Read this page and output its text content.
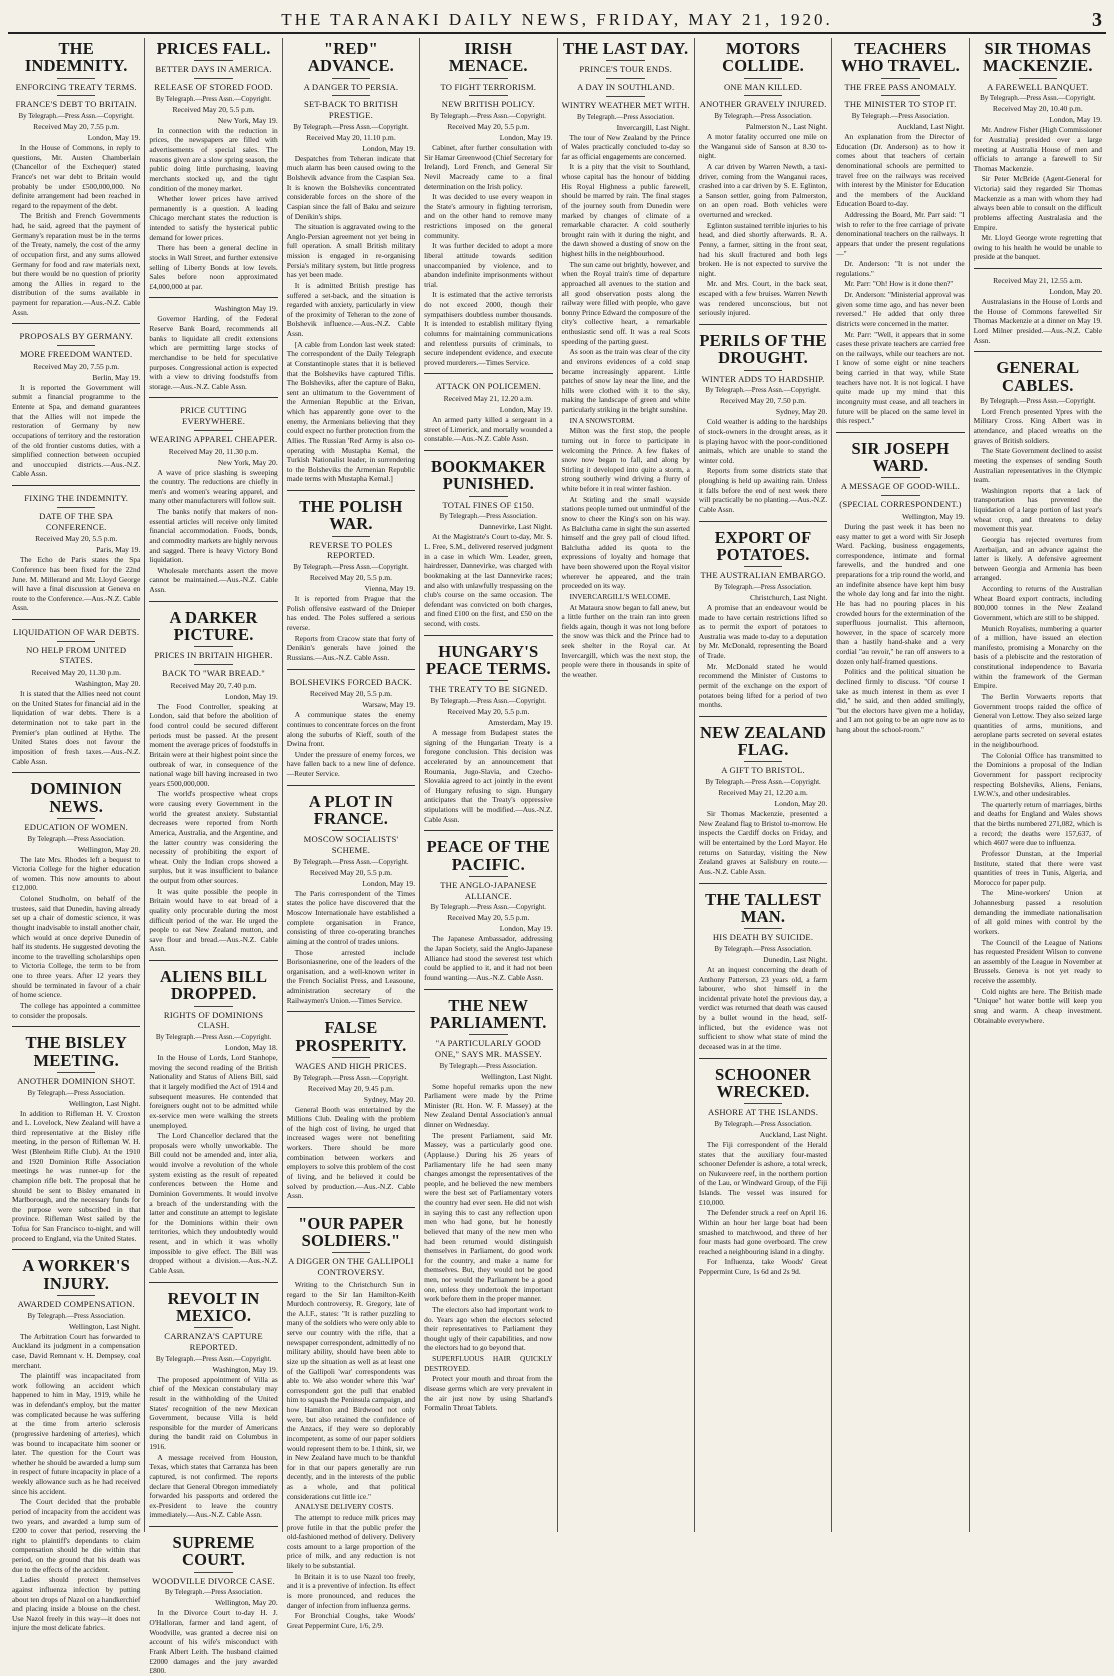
THE TARANAKI DAILY NEWS, FRIDAY, MAY 21, 1920.	3
THE INDEMNITY.
ENFORCING TREATY TERMS.
FRANCE'S DEBT TO BRITAIN.
By Telegraph.—Press Assn.—Copyright.
Received May 20, 7.55 p.m.
London, May 19.

In the House of Commons, in reply to questions, Mr. Austen Chamberlain (Chancellor of the Exchequer) stated France's net war debt to Britain would probably be under £500,000,000. No definite arrangement had been reached in regard to the repayment of the debt.

The British and French Governments had, he said, agreed that the payment of Germany's reparation must be in the terms of the Treaty, namely, the cost of the army of occupation first, and any sums allowed Germany for food and raw materials next, but there would be no question of priority among the Allies in regard to the distribution of the sums available in payment for reparation.—Aus.-N.Z. Cable Assn.

PROPOSALS BY GERMANY.
MORE FREEDOM WANTED.
Received May 20, 7.55 p.m.
Berlin, May 19.

It is reported the Government will submit a financial programme to the Entente at Spa, and demand guarantees that the Allies will not impede the restoration of Germany by new occupations of territory and the restoration of the old frontier customs duties, with a simplified connection between occupied and unoccupied districts.—Aus.-N.Z. Cable Assn.

FIXING THE INDEMNITY.
DATE OF THE SPA CONFERENCE.
Received May 20, 5.5 p.m.
Paris, May 19.

The Echo de Paris states the Spa Conference has been fixed for the 22nd June. M. Millerand and Mr. Lloyd George will have a final discussion at Geneva en route to the Conference.—Aus.-N.Z. Cable Assn.

LIQUIDATION OF WAR DEBTS.
NO HELP FROM UNITED STATES.
Received May 20, 11.30 p.m.
Washington, May 20.

It is stated that the Allies need not count on the United States for financial aid in the liquidation of war debts. There is a determination not to take part in the Premier's plan outlined at Hythe. The United States does not favour the imposition of fresh taxes.—Aus.-N.Z. Cable Assn.

DOMINION NEWS.
EDUCATION OF WOMEN.
By Telegraph.—Press Association.
Wellington, May 20.

The late Mrs. Rhodes left a bequest to Victoria College for the higher education of women. This now amounts to about £12,000.

Colonel Studholm, on behalf of the trustees, said that Dunedin, having already set up a chair of domestic science, it was thought inadvisable to install another chair, which would at once deprive Dunedin of half its students. He suggested devoting the income to the travelling scholarships open to Victoria College, the term to be from one to three years. After 12 years they should be terminated in favour of a chair of home science.

The college has appointed a committee to consider the proposals.

THE BISLEY MEETING.
ANOTHER DOMINION SHOT.
By Telegraph.—Press Association.
Wellington, Last Night.

In addition to Rifleman H. V. Croxton and L. Lovelock, New Zealand will have a third representative at the Bisley rifle meeting, in the person of Rifleman W. H. West (Blenheim Rifle Club). At the 1910 and 1920 Dominion Rifle Association meetings he was runner-up for the champion rifle belt. The proposal that he should be sent to Bisley emanated in Marlborough, and the necessary funds for the purpose were subscribed in that province. Rifleman West sailed by the Tofua for San Francisco to-night, and will proceed to England, via the United States.

A WORKER'S INJURY.
AWARDED COMPENSATION.
By Telegraph.—Press Association.
Wellington, Last Night.

The Arbitration Court has forwarded to Auckland its judgment in a compensation case, David Remnant v. H. Dempsey, coal merchant.

The plaintiff was incapacitated from work following an accident which happened to him in May, 1919, while he was in defendant's employ, but the matter was complicated because he was suffering at the time from arterio sclerosis (progressive hardening of arteries), which was bound to incapacitate him sooner or later. The question for the Court was whether he should be awarded a lump sum in respect of future incapacity in place of a weekly allowance such as he had received since his accident.

The Court decided that the probable period of incapacity from the accident was two years, and awarded a lump sum of £200 to cover that period, reserving the right to plaintiff's dependants to claim compensation should he die within that period, on the ground that his death was due to the effects of the accident.

Ladies should protect themselves against influenza infection by putting about ten drops of Nazol on a handkerchief and placing inside a blouse on the chest. Use Nazol freely in this way—it does not injure the most delicate fabrics.

PRICES FALL.
BETTER DAYS IN AMERICA.
RELEASE OF STORED FOOD.
By Telegraph.—Press Assn.—Copyright.
Received May 20, 5.5 p.m.
New York, May 19.

In connection with the reduction in prices, the newspapers are filled with advertisements of special sales. The reasons given are a slow spring season, the public doing little purchasing, leaving merchants stocked up, and the tight condition of the money market.

Whether lower prices have arrived permanently is a question. A leading Chicago merchant states the reduction is intended to satisfy the hysterical public demand for lower prices.

There has been a general decline in stocks in Wall Street, and further extensive selling of Liberty Bonds at low levels. Sales before noon approximated £4,000,000 at par.

Washington May 19.

Governor Harding, of the Federal Reserve Bank Board, recommends all banks to liquidate all credit extensions which are permitting large stocks of merchandise to be held for speculative purposes. Congressional action is expected with a view to driving foodstuffs from storage.—Aus.-N.Z. Cable Assn.

PRICE CUTTING EVERYWHERE.
WEARING APPAREL CHEAPER.
Received May 20, 11.30 p.m.
New York, May 20.

A wave of price slashing is sweeping the country. The reductions are chiefly in men's and women's wearing apparel, and many other manufacturers will follow suit.

The banks notify that makers of non-essential articles will receive only limited financial accommodation. Foods, bonds, and commodity markets are highly nervous and sagged. There is heavy Victory Bond liquidation.

Wholesale merchants assert the move cannot be maintained.—Aus.-N.Z. Cable Assn.

A DARKER PICTURE.
PRICES IN BRITAIN HIGHER.
BACK TO "WAR BREAD."
Received May 20, 7.40 p.m.
London, May 19.

The Food Controller, speaking at London, said that before the abolition of food control could be secured different periods must be passed. At the present moment the average prices of foodstuffs in Britain were at their highest point since the outbreak of war, in consequence of the national wage bill having increased in two years £500,000,000.

The world's prospective wheat crops were causing every Government in the world the greatest anxiety. Substantial decreases were reported from North America, Australia, and the Argentine, and the latter country was considering the necessity of prohibiting the export of wheat. Only the Indian crops showed a surplus, but it was insufficient to balance the output from other sources.

It was quite possible the people in Britain would have to eat bread of a quality only procurable during the most difficult period of the war. He urged the people to eat New Zealand mutton, and save flour and bread.—Aus.-N.Z. Cable Assn.

ALIENS BILL DROPPED.
RIGHTS OF DOMINIONS CLASH.
By Telegraph.—Press Assn.—Copyright.
London, May 18.

In the House of Lords, Lord Stanhope, moving the second reading of the British Nationality and Status of Aliens Bill, said that it largely modified the Act of 1914 and subsequent measures. He contended that foreigners ought not to be admitted while ex-service men were walking the streets unemployed.

The Lord Chancellor declared that the proposals were wholly unworkable. The Bill could not be amended and, inter alia, would involve a revolution of the whole system existing as the result of repeated conferences between the Home and Dominion Governments. It would involve a breach of the understanding with the latter and constitute an attempt to legislate for the Dominions within their own territories, which they undoubtedly would resent, and in which it was wholly impossible to give effect. The Bill was dropped without a division.—Aus.-N.Z. Cable Assn.

REVOLT IN MEXICO.
CARRANZA'S CAPTURE REPORTED.
By Telegraph.—Press Assn.—Copyright.
Washington, May 19.

The proposed appointment of Villa as chief of the Mexican constabulary may result in the withholding of the United States' recognition of the new Mexican Government, because Villa is held responsible for the murder of Americans during the bandit raid on Columbus in 1916.

A message received from Houston, Texas, which states that Carranza has been captured, is not confirmed. The reports declare that General Obregon immediately forwarded his passports and ordered the ex-President to leave the country immediately.—Aus.-N.Z. Cable Assn.

SUPREME COURT.
WOODVILLE DIVORCE CASE.
By Telegraph.—Press Association.
Wellington, May 20.

In the Divorce Court to-day H. J. O'Halloran, farmer and land agent, of Woodville, was granted a decree nisi on account of his wife's misconduct with Frank Albert Leith. The husband claimed £2000 damages and the jury awarded £800.

"RED" ADVANCE.
A DANGER TO PERSIA.
SET-BACK TO BRITISH PRESTIGE.
By Telegraph.—Press Assn.—Copyright.
Received May 20, 11.10 p.m.
London, May 19.

Despatches from Teheran indicate that much alarm has been caused owing to the Bolshevik advance from the Caspian Sea. It is known the Bolsheviks concentrated considerable forces on the shore of the Caspian since the fall of Baku and seizure of Denikin's ships.

The situation is aggravated owing to the Anglo-Persian agreement not yet being in full operation. A small British military mission is engaged in re-organising Persia's military system, but little progress has yet been made.

It is admitted British prestige has suffered a set-back, and the situation is regarded with anxiety, particularly in view of the proximity of Teheran to the zone of Bolshevik influence.—Aus.-N.Z. Cable Assn.

[A cable from London last week stated: The correspondent of the Daily Telegraph at Constantinople states that it is believed that the Bolsheviks have captured Tiflis. The Bolsheviks, after the capture of Baku, sent an ultimatum to the Government of the Armenian Republic at the Erivan, which has apparently gone over to the enemy, the Armenians believing that they could expect no further protection from the Allies. The Russian 'Red' Army is also co-operating with Mustapha Kemal, the Turkish Nationalist leader, in surrendering to the Bolsheviks the Armenian Republic made terms with Mustapha Kemal.]

THE POLISH WAR.
REVERSE TO POLES REPORTED.
By Telegraph.—Press Assn.—Copyright.
Received May 20, 5.5 p.m.
Vienna, May 19.

It is reported from Prague that the Polish offensive eastward of the Dnieper has ended. The Poles suffered a serious reverse.

Reports from Cracow state that forty of Denikin's generals have joined the Russians.—Aus.-N.Z. Cable Assn.

BOLSHEVIKS FORCED BACK.
Received May 20, 5.5 p.m.
Warsaw, May 19.

A communique states the enemy continues to concentrate forces on the front along the suburbs of Kieff, south of the Dwina front.

Under the pressure of enemy forces, we have fallen back to a new line of defence.—Reuter Service.

A PLOT IN FRANCE.
MOSCOW SOCIALISTS' SCHEME.
By Telegraph.—Press Assn.—Copyright.
Received May 20, 5.5 p.m.
London, May 19.

The Paris correspondent of the Times states the police have discovered that the Moscow Internationale have established a complete organisation in France, consisting of three co-operating branches aiming at the control of trades unions.

Those arrested include Borisoniasnerine, one of the leaders of the organisation, and a well-known writer in the French Socialist Press, and Leasoune, administration secretary of the Railwaymen's Union.—Times Service.

FALSE PROSPERITY.
WAGES AND HIGH PRICES.
By Telegraph.—Press Assn.—Copyright.
Received May 20, 9.45 p.m.
Sydney, May 20.

General Booth was entertained by the Millions Club. Dealing with the problem of the high cost of living, he urged that increased wages were not benefiting workers. There should be more combination between workers and employers to solve this problem of the cost of living, and he believed it could be solved by production.—Aus.-N.Z. Cable Assn.

"OUR PAPER SOLDIERS."
A DIGGER ON THE GALLIPOLI CONTROVERSY.

Writing to the Christchurch Sun in regard to the Sir Ian Hamilton-Keith Murdoch controversy, R. Gregory, late of the A.I.F., states: "It is rather puzzling to many of the soldiers who were only able to serve our country with the rifle, that a newspaper correspondent, admittedly of no military ability, should have been able to size up the situation as well as at least one of the Gallipoli 'war' correspondents was able to. We also wonder where this 'war' correspondent got the pull that enabled him to squash the Peninsula campaign, and how Hamilton and Birdwood not only were, but also retained the confidence of the Anzacs, if they were so deplorably incompetent, as some of our paper soldiers would represent them to be. I think, sir, we in New Zealand have much to be thankful for in that our papers generally are run decently, and in the interests of the public as a whole, and that political considerations cut little ice."

ANALYSE DELIVERY COSTS.

The attempt to reduce milk prices may prove futile in that the public prefer the old-fashioned method of delivery. Delivery costs amount to a large proportion of the price of milk, and any reduction is not likely to be substantial.

In Britain it is to use Nazol too freely, and it is a preventive of infection. Its effect is more pronounced, and reduces the danger of infection from influenza germs.

For Bronchial Coughs, take Woods' Great Peppermint Cure, 1/6, 2/9.

IRISH MENACE.
TO FIGHT TERRORISM.
NEW BRITISH POLICY.
By Telegraph.—Press Assn.—Copyright.
Received May 20, 5.5 p.m.
London, May 19.

Cabinet, after further consultation with Sir Hamar Greenwood (Chief Secretary for Ireland), Lord French, and General Sir Nevil Macready came to a final determination on the Irish policy.

It was decided to use every weapon in the State's armoury in fighting terrorism, and on the other hand to remove many restrictions imposed on the general community.

It was further decided to adopt a more liberal attitude towards sedition unaccompanied by violence, and to abandon indefinite imprisonments without trial.

It is estimated that the active terrorists do not exceed 2000, though their sympathisers doubtless number thousands. It is intended to establish military flying columns for maintaining communications and relentless pursuits of criminals, to secure independent evidence, and execute proved murderers.—Times Service.

ATTACK ON POLICEMEN.
Received May 21, 12.20 a.m.
London, May 19.

An armed party killed a sergeant in a street of Limerick, and mortally wounded a constable.—Aus.-N.Z. Cable Assn.

BOOKMAKER PUNISHED.
TOTAL FINES OF £150.
By Telegraph.—Press Association.
Dannevirke, Last Night.

At the Magistrate's Court to-day, Mr. S. L. Free, S.M., delivered reserved judgment in a case in which Wm. Leader, green, hairdresser, Dannevirke, was charged with bookmaking at the last Dannevirke races; and also with unlawfully trespassing on the club's course on the same occasion. The defendant was convicted on both charges, and fined £100 on the first, and £50 on the second, with costs.

HUNGARY'S PEACE TERMS.
THE TREATY TO BE SIGNED.
By Telegraph.—Press Assn.—Copyright.
Received May 20, 5.5 p.m.
Amsterdam, May 19.

A message from Budapest states the signing of the Hungarian Treaty is a foregone conclusion. This decision was accelerated by an announcement that Roumania, Jugo-Slavia, and Czecho-Slovakia agreed to act jointly in the event of Hungary refusing to sign. Hungary anticipates that the Treaty's oppressive stipulations will be modified.—Aus.-N.Z. Cable Assn.

PEACE OF THE PACIFIC.
THE ANGLO-JAPANESE ALLIANCE.
By Telegraph.—Press Assn.—Copyright.
Received May 20, 5.5 p.m.
London, May 19.

The Japanese Ambassador, addressing the Japan Society, said the Anglo-Japanese Alliance had stood the severest test which could be applied to it, and it had not been found wanting.—Aus.-N.Z. Cable Assn.

THE NEW PARLIAMENT.
"A PARTICULARLY GOOD ONE," SAYS MR. MASSEY.
By Telegraph.—Press Association.
Wellington, Last Night.

Some hopeful remarks upon the new Parliament were made by the Prime Minister (Rt. Hon. W. F. Massey) at the New Zealand Dental Association's annual dinner on Wednesday.

The present Parliament, said Mr. Massey, was a particularly good one. (Applause.) During his 26 years of Parliamentary life he had seen many changes amongst the representatives of the people, and he believed the new members were the best set of Parliamentary voters the country had ever seen. He did not wish in saying this to cast any reflection upon men who had gone, but he honestly believed that many of the new men who had been returned would distinguish themselves in Parliament, do good work for the country, and make a name for themselves. But, they would not be good men, nor would the Parliament be a good one, unless they undertook the important work before them in the proper manner.

The electors also had important work to do. Years ago when the electors selected their representatives to Parliament they thought ugly of their capabilities, and now the electors had to go beyond that.

SUPERFLUOUS HAIR QUICKLY DESTROYED.

Protect your mouth and throat from the disease germs which are very prevalent in the air just now by using Sharland's Formalin Throat Tablets.

THE LAST DAY.
PRINCE'S TOUR ENDS.
A DAY IN SOUTHLAND.
WINTRY WEATHER MET WITH.
By Telegraph.—Press Association.
Invercargill, Last Night.

The tour of New Zealand by the Prince of Wales practically concluded to-day so far as official engagements are concerned.

It is a pity that the visit to Southland, whose capital has the honour of bidding His Royal Highness a public farewell, should be marred by rain. The final stages of the journey south from Dunedin were marked by changes of climate of a remarkable character. A cold southerly brought rain with it during the night, and the dawn showed a dusting of snow on the highest hills in the neighbourhood.

The sun came out brightly, however, and when the Royal train's time of departure approached all avenues to the station and all good observation posts along the railway were filled with people, who gave bonny Prince Edward the composure of the city's collective heart, a remarkable enthusiastic send off. It was a real Scots speeding of the parting guest.

As soon as the train was clear of the city and environs evidences of a cold snap became increasingly apparent. Little patches of snow lay near the line, and the hills were clothed with it to the sky, making the landscape of green and white particularly striking in the bright sunshine.

IN A SNOWSTORM.

Milton was the first stop, the people turning out in force to participate in welcoming the Prince. A few flakes of snow now began to fall, and along by Stirling it developed into quite a storm, a strong southerly wind driving a flurry of white before it in real winter fashion.

At Stirling and the small wayside stations people turned out unmindful of the snow to cheer the King's son on his way. As Balclutha came in sight the sun asserted himself and the grey pall of cloud lifted. Balclutha added its quota to the expressions of loyalty and homage that have been showered upon the Royal visitor wherever he appeared, and the train proceeded on its way.

INVERCARGILL'S WELCOME.

At Mataura snow began to fall anew, but a little further on the train ran into green fields again, though it was not long before the snow was thick and the Prince had to seek shelter in the Royal car. At Invercargill, which was the next stop, the people were there in thousands in spite of the weather.

MOTORS COLLIDE.
ONE MAN KILLED.
ANOTHER GRAVELY INJURED.
By Telegraph.—Press Association.
Palmerston N., Last Night.

A motor fatality occurred one mile on the Wanganui side of Sanson at 8.30 to-night.

A car driven by Warren Newth, a taxi-driver, coming from the Wanganui races, crashed into a car driven by S. E. Eglinton, a Sanson settler, going from Palmerston, on an open road. Both vehicles were overturned and wrecked.

Eglinton sustained terrible injuries to his head, and died shortly afterwards. R. A. Penny, a farmer, sitting in the front seat, had his skull fractured and both legs broken. He is not expected to survive the night.

Mr. and Mrs. Court, in the back seat, escaped with a few bruises. Warren Newth was rendered unconscious, but not seriously injured.

PERILS OF THE DROUGHT.
WINTER ADDS TO HARDSHIP.
By Telegraph.—Press Assn.—Copyright.
Received May 20, 7.50 p.m.
Sydney, May 20.

Cold weather is adding to the hardships of stock-owners in the drought areas, as it is playing havoc with the poor-conditioned animals, which are unable to stand the winter cold.

Reports from some districts state that ploughing is held up awaiting rain. Unless it falls before the end of next week there will practically be no planting.—Aus.-N.Z. Cable Assn.

EXPORT OF POTATOES.
THE AUSTRALIAN EMBARGO.
By Telegraph.—Press Association.
Christchurch, Last Night.

A promise that an endeavour would be made to have certain restrictions lifted so as to permit the export of potatoes to Australia was made to-day to a deputation by Mr. McDonald, representing the Board of Trade.

Mr. McDonald stated he would recommend the Minister of Customs to permit of the exchange on the export of potatoes being lifted for a period of two months.

NEW ZEALAND FLAG.
A GIFT TO BRISTOL.
By Telegraph.—Press Assn.—Copyright.
Received May 21, 12.20 a.m.
London, May 20.

Sir Thomas Mackenzie, presented a New Zealand flag to Bristol to-morrow. He inspects the Cardiff docks on Friday, and will be entertained by the Lord Mayor. He returns on Saturday, visiting the New Zealand graves at Salisbury en route.—Aus.-N.Z. Cable Assn.

THE TALLEST MAN.
HIS DEATH BY SUICIDE.
By Telegraph.—Press Association.
Dunedin, Last Night.

At an inquest concerning the death of Anthony Patterson, 23 years old, a farm labourer, who shot himself in the incidental private hotel the previous day, a verdict was returned that death was caused by a bullet wound in the head, self-inflicted, but the evidence was not sufficient to show what state of mind the deceased was in at the time.

SCHOONER WRECKED.
ASHORE AT THE ISLANDS.
By Telegraph.—Press Association.
Auckland, Last Night.

The Fiji correspondent of the Herald states that the auxiliary four-masted schooner Defender is ashore, a total wreck, on Nukuveere reef, in the northern portion of the Lau, or Windward Group, of the Fiji Islands. The vessel was insured for £10,000.

The Defender struck a reef on April 16. Within an hour her large boat had been smashed to matchwood, and three of her four masts had gone overboard. The crew reached a neighbouring island in a dinghy.

For Influenza, take Woods' Great Peppermint Cure, 1s 6d and 2s 9d.

TEACHERS WHO TRAVEL.
THE FREE PASS ANOMALY.
THE MINISTER TO STOP IT.
By Telegraph.—Press Association.
Auckland, Last Night.

An explanation from the Director of Education (Dr. Anderson) as to how it comes about that teachers of certain denominational schools are permitted to travel free on the railways was received with interest by the Minister for Education and the members of the Auckland Education Board to-day.

Addressing the Board, Mr. Parr said: "I wish to refer to the free carriage of private denominational teachers on the railways. It appears that under the present regulations—"

Dr. Anderson: "It is not under the regulations."

Mr. Parr: "Oh! How is it done then?"

Dr. Anderson: "Ministerial approval was given some time ago, and has never been reversed." He added that only three districts were concerned in the matter.

Mr. Parr: "Well, it appears that in some cases these private teachers are carried free on the railways, while our teachers are not. I know of some eight or nine teachers being carried in that way, while State teachers have not. It is not logical. I have quite made up my mind that this incongruity must cease, and all teachers in future will be placed on the same level in this respect."

SIR JOSEPH WARD.
A MESSAGE OF GOOD-WILL.
(SPECIAL CORRESPONDENT.)
Wellington, May 19.

During the past week it has been no easy matter to get a word with Sir Joseph Ward. Packing, business engagements, correspondence, intimate and formal farewells, and the hundred and one preparations for a trip round the world, and an indefinite absence have kept him busy the whole day long and far into the night. He has had no pouring places in his crowded hours for the extermination of the superfluous journalist. This afternoon, however, in the space of scarcely more than a hastily hand-shake and a very cordial "au revoir," he ran off answers to a dozen only half-framed questions.

Politics and the political situation he declined firmly to discuss. "Of course I take as much interest in them as ever I did," he said, and then added smilingly, "but the electors have given me a holiday, and I am not going to be an ogre now as to hang about the school-room."

SIR THOMAS MACKENZIE.
A FAREWELL BANQUET.
By Telegraph.—Press Assn.—Copyright.
Received May 20, 10.40 p.m.
London, May 19.

Mr. Andrew Fisher (High Commissioner for Australia) presided over a large meeting at Australia House of men and officials to arrange a farewell to Sir Thomas Mackenzie.

Sir Peter McBride (Agent-General for Victoria) said they regarded Sir Thomas Mackenzie as a man with whom they had always been able to consult on the difficult problems affecting Australasia and the Empire.

Mr. Lloyd George wrote regretting that owing to his health he would be unable to preside at the banquet.

Received May 21, 12.55 a.m.
London, May 20.

Australasians in the House of Lords and the House of Commons farewelled Sir Thomas Mackenzie at a dinner on May 19. Lord Milner presided.—Aus.-N.Z. Cable Assn.

GENERAL CABLES.
By Telegraph.—Press Assn.—Copyright.

Lord French presented Ypres with the Military Cross. King Albert was in attendance, and placed wreaths on the graves of British soldiers.

The State Government declined to assist meeting the expenses of sending South Australian representatives in the Olympic team.

Washington reports that a lack of transportation has prevented the liquidation of a large portion of last year's wheat crop, and threatens to delay movement this year.

Georgia has rejected overtures from Azerbaijan, and an advance against the latter is likely. A defensive agreement between Georgia and Armenia has been arranged.

According to returns of the Australian Wheat Board export contracts, including 800,000 tonnes in the New Zealand Government, which are still to be shipped.

Munich Royalists, numbering a quarter of a million, have issued an election manifesto, promising a Monarchy on the basis of a plebiscite and the restoration of constitutional independence to Bavaria within the framework of the German Empire.

The Berlin Vorwaerts reports that Government troops raided the office of General von Lettow. They also seized large quantities of arms, munitions, and aeroplane parts secreted on several estates in the neighbourhood.

The Colonial Office has transmitted to the Dominions a proposal of the Indian Government for passport reciprocity respecting Bolsheviks, Aliens, Fenians, I.W.W.'s, and other undesirables.

The quarterly return of marriages, births and deaths for England and Wales shows that the births numbered 271,082, which is a record; the deaths were 157,637, of which 4607 were due to influenza.

Professor Dunstan, at the Imperial Institute, stated that there were vast quantities of trees in Tunis, Algeria, and Morocco for paper pulp.

The Mine-workers' Union at Johannesburg passed a resolution demanding the immediate nationalisation of all gold mines with control by the workers.

The Council of the League of Nations has requested President Wilson to convene an assembly of the League in November at Brussels. Geneva is not yet ready to receive the assembly.

Cold nights are here. The British made "Unique" hot water bottle will keep you snug and warm. A cheap investment. Obtainable everywhere.
